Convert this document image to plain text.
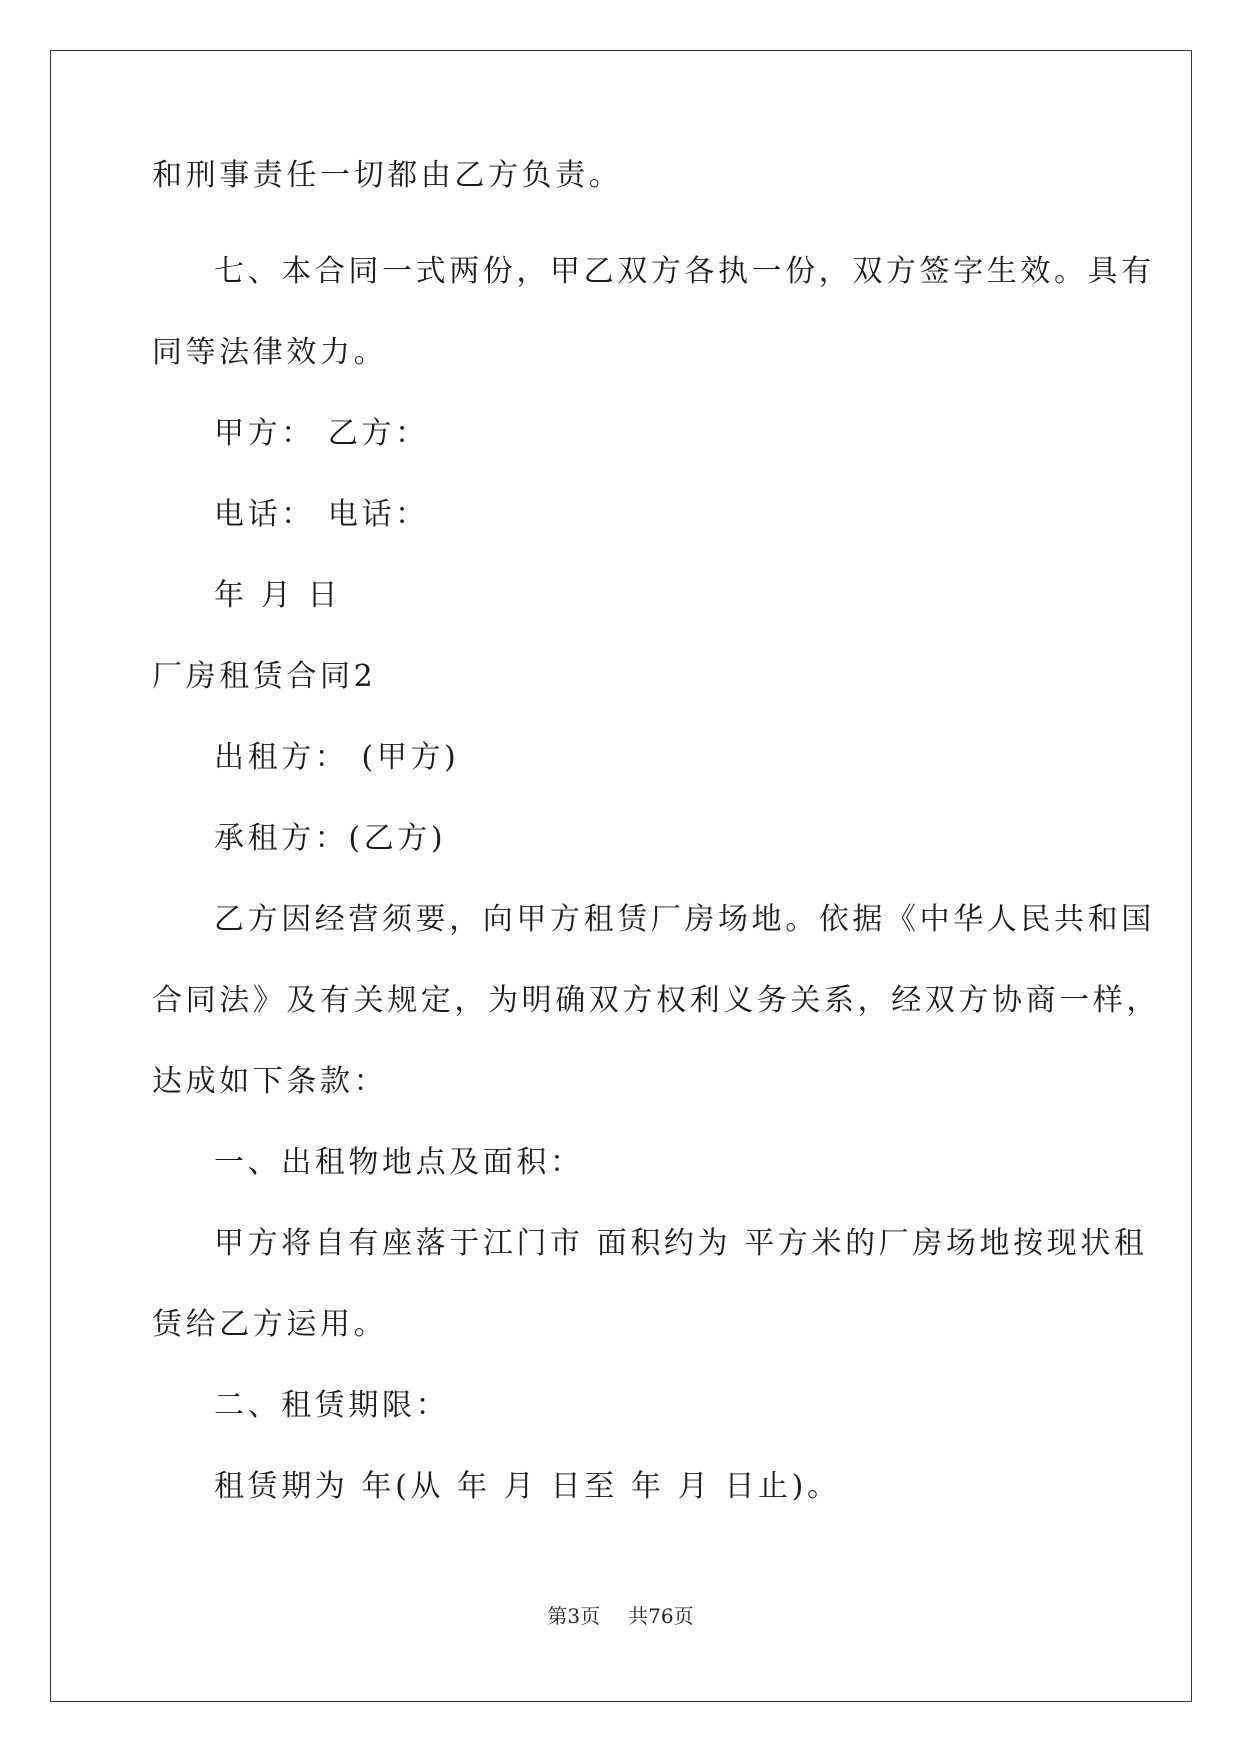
和刑事责任一切都由乙方负责。
七、本合同一式两份，甲乙双方各执一份，双方签字生效。具有
同等法律效力。
甲方： 乙方：
电话： 电话：
年 月 日
厂房租赁合同2
出租方： (甲方)
承租方：(乙方)
乙方因经营须要，向甲方租赁厂房场地。依据《中华人民共和国
合同法》及有关规定，为明确双方权利义务关系，经双方协商一样，
达成如下条款：
一、出租物地点及面积：
甲方将自有座落于江门市 面积约为 平方米的厂房场地按现状租
赁给乙方运用。
二、租赁期限：
租赁期为 年(从 年 月 日至 年 月 日止)。
第3页 共76页
